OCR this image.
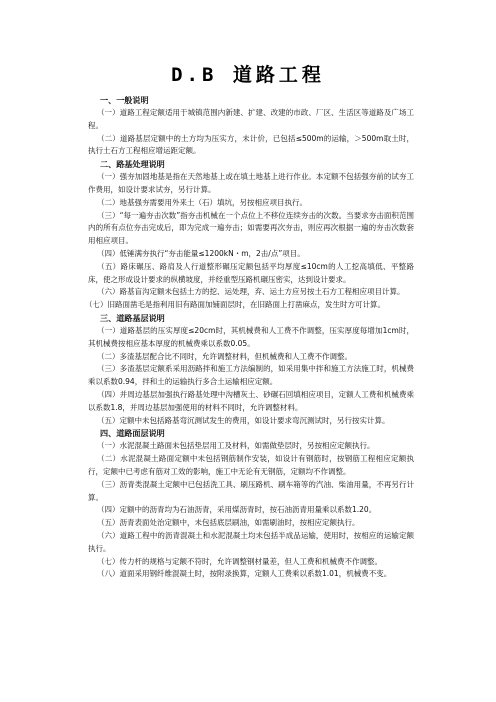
D.B 道路工程
一、一般说明
（一）道路工程定额适用于城镇范围内新建、扩建、改建的市政、厂区、生活区等道路及广场工程。
（二）道路基层定额中的土方均为压实方，未计价，已包括≤500m的运输，＞500m取土时，执行土石方工程相应增运距定额。
二、路基处理说明
（一）强夯加固地基是指在天然地基上或在填土地基上进行作业。本定额不包括强夯前的试夯工作费用，如设计要求试夯，另行计算。
（二）地基强夯需要用外来土（石）填坑，另按相应项目执行。
（三）“每一遍夯击次数”指夯击机械在一个点位上不移位连续夯击的次数。当要求夯击面积范围内的所有点位夯击完成后，即为完成一遍夯击；如需要再次夯击，则应再次根据一遍的夯击次数套用相应项目。
（四）低锤满夯执行“夯击能量≤1200kN・m，2击/点”项目。
（五）路床碾压、路肩及人行道整形碾压定额包括平均厚度≤10cm的人工挖高填低、平整路床，使之形成设计要求的纵横坡度，并经重型压路机碾压密实，达到设计要求。
（六）路基盲沟定额未包括土方的挖、运处理，弃、运土方应另按土石方工程相应项目计算。
（七）旧路面凿毛是指利用旧有路面加铺面层时，在旧路面上打凿麻点，发生时方可计算。
三、道路基层说明
（一）道路基层的压实厚度≤20cm时，其机械费和人工费不作调整，压实厚度每增加1cm时，其机械费按相应基本厚度的机械费乘以系数0.05。
（二）多渣基层配合比不同时，允许调整材料，但机械费和人工费不作调整。
（三）多渣基层定额系采用沥路拌和施工方法编制的，如采用集中拌和施工方法施工时，机械费乘以系数0.94，拌和土的运输执行多合土运输相应定额。
（四）并周边基层加强执行路基处理中沟槽灰土、砂碾石回填相应项目，定额人工费和机械费乘以系数1.8，并周边基层加强使用的材料不同时，允许调整材料。
（五）定额中未包括路基弯沉测试发生的费用，如设计要求弯沉测试时，另行按实计算。
四、道路面层说明
（一）水泥混凝土路面未包括垫层用工及材料，如需做垫层时，另按相应定额执行。
（二）水泥混凝土路面定额中未包括钢筋制作安装，如设计有钢筋时，按钢筋工程相应定额执行，定额中已考虑有筋对工效的影响，施工中无论有无钢筋，定额均不作调整。
（三）沥青类混凝土定额中已包括洗工具、刷压路机、刷车箱等的汽油、柴油用量，不再另行计算。
（四）定额中的沥青均为石油沥青，采用煤沥青时，按石油沥青用量乘以系数1.20。
（五）沥青表面处治定额中，未包括底层刷油，如需刷油时，按相应定额执行。
（六）道路工程中的沥青混凝土和水泥混凝土均未包括半成品运输，使用时，按相应的运输定额执行。
（七）传力杆的规格与定额不符时，允许调整钢材量差，但人工费和机械费不作调整。
（八）道面采用钢纤维混凝土时，按附录换算，定额人工费乘以系数1.01，机械费不变。
